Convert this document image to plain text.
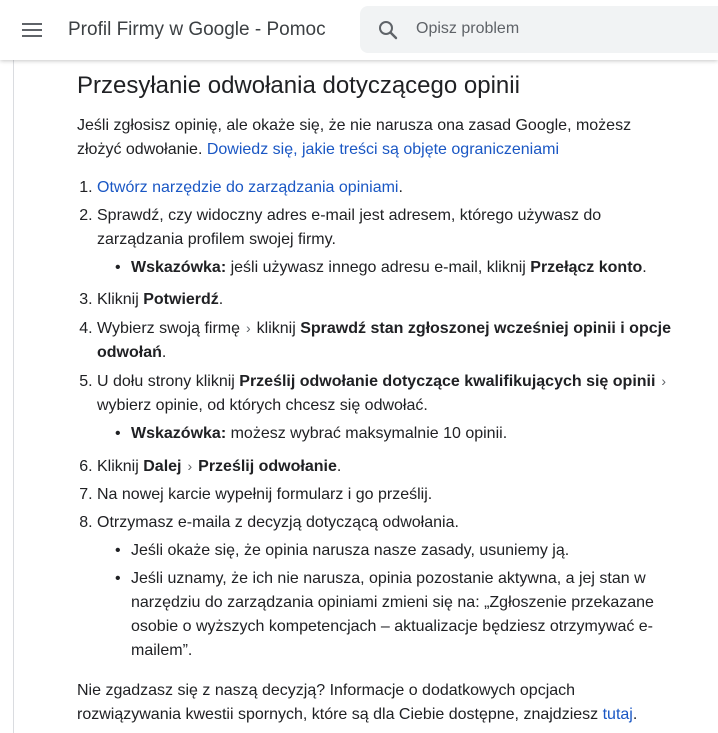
Profil Firmy w Google - Pomoc
Opisz problem
Przesyłanie odwołania dotyczącego opinii

Jeśli zgłosisz opinię, ale okaże się, że nie narusza ona zasad Google, możesz złożyć odwołanie. Dowiedz się, jakie treści są objęte ograniczeniami

1. Otwórz narzędzie do zarządzania opiniami.
2. Sprawdź, czy widoczny adres e-mail jest adresem, którego używasz do zarządzania profilem swojej firmy.
• Wskazówka: jeśli używasz innego adresu e-mail, kliknij Przełącz konto.
3. Kliknij Potwierdź.
4. Wybierz swoją firmę › kliknij Sprawdź stan zgłoszonej wcześniej opinii i opcje odwołań.
5. U dołu strony kliknij Prześlij odwołanie dotyczące kwalifikujących się opinii ›wybierz opinie, od których chcesz się odwołać.
• Wskazówka: możesz wybrać maksymalnie 10 opinii.
6. Kliknij Dalej › Prześlij odwołanie.
7. Na nowej karcie wypełnij formularz i go prześlij.
8. Otrzymasz e-maila z decyzją dotyczącą odwołania.
• Jeśli okaże się, że opinia narusza nasze zasady, usuniemy ją.
• Jeśli uznamy, że ich nie narusza, opinia pozostanie aktywna, a jej stan w narzędziu do zarządzania opiniami zmieni się na: „Zgłoszenie przekazane osobie o wyższych kompetencjach – aktualizacje będziesz otrzymywać e-mailem”.

Nie zgadzasz się z naszą decyzją? Informacje o dodatkowych opcjach rozwiązywania kwestii spornych, które są dla Ciebie dostępne, znajdziesz tutaj.
